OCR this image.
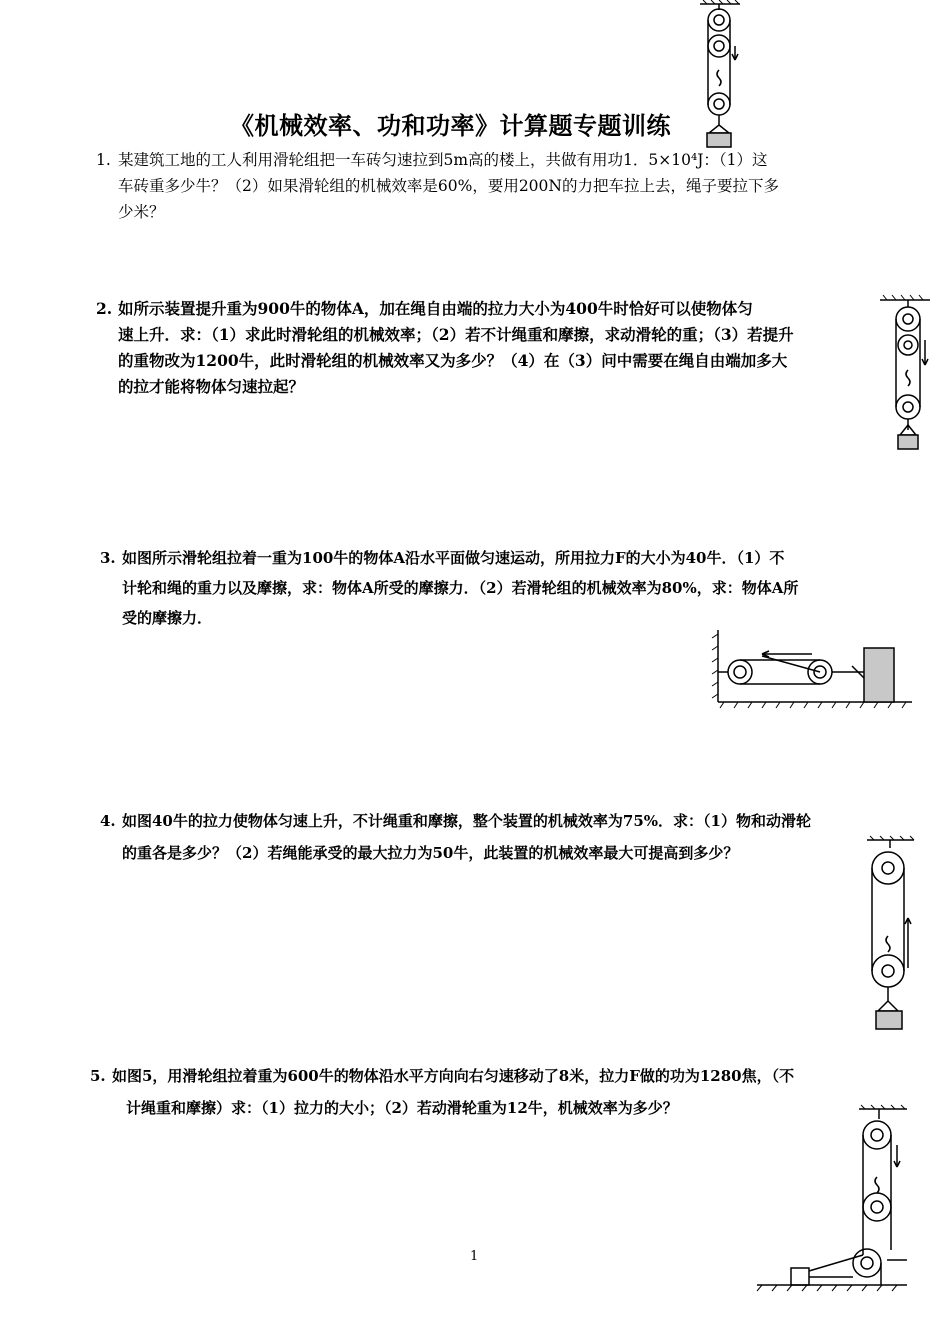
《机械效率、功和功率》计算题专题训练
1. 某建筑工地的工人利用滑轮组把一车砖匀速拉到5m高的楼上，共做有用功1．5×10⁴J：（1）这

车砖重多少牛？（2）如果滑轮组的机械效率是60%，要用200N的力把车拉上去，绳子要拉下多

少米？

2. 如所示装置提升重为900牛的物体A，加在绳自由端的拉力大小为400牛时恰好可以使物体匀

速上升．求：（1）求此时滑轮组的机械效率；（2）若不计绳重和摩擦，求动滑轮的重；（3）若提升

的重物改为1200牛，此时滑轮组的机械效率又为多少？（4）在（3）问中需要在绳自由端加多大

的拉才能将物体匀速拉起？

3. 如图所示滑轮组拉着一重为100牛的物体A沿水平面做匀速运动，所用拉力F的大小为40牛．（1）不

计轮和绳的重力以及摩擦，求：物体A所受的摩擦力．（2）若滑轮组的机械效率为80%，求：物体A所

受的摩擦力．

4. 如图40牛的拉力使物体匀速上升，不计绳重和摩擦，整个装置的机械效率为75%．求：（1）物和动滑轮

的重各是多少？（2）若绳能承受的最大拉力为50牛，此装置的机械效率最大可提高到多少？

5. 如图5，用滑轮组拉着重为600牛的物体沿水平方向向右匀速移动了8米，拉力F做的功为1280焦，（不

计绳重和摩擦）求：（1）拉力的大小；（2）若动滑轮重为12牛，机械效率为多少？

1
